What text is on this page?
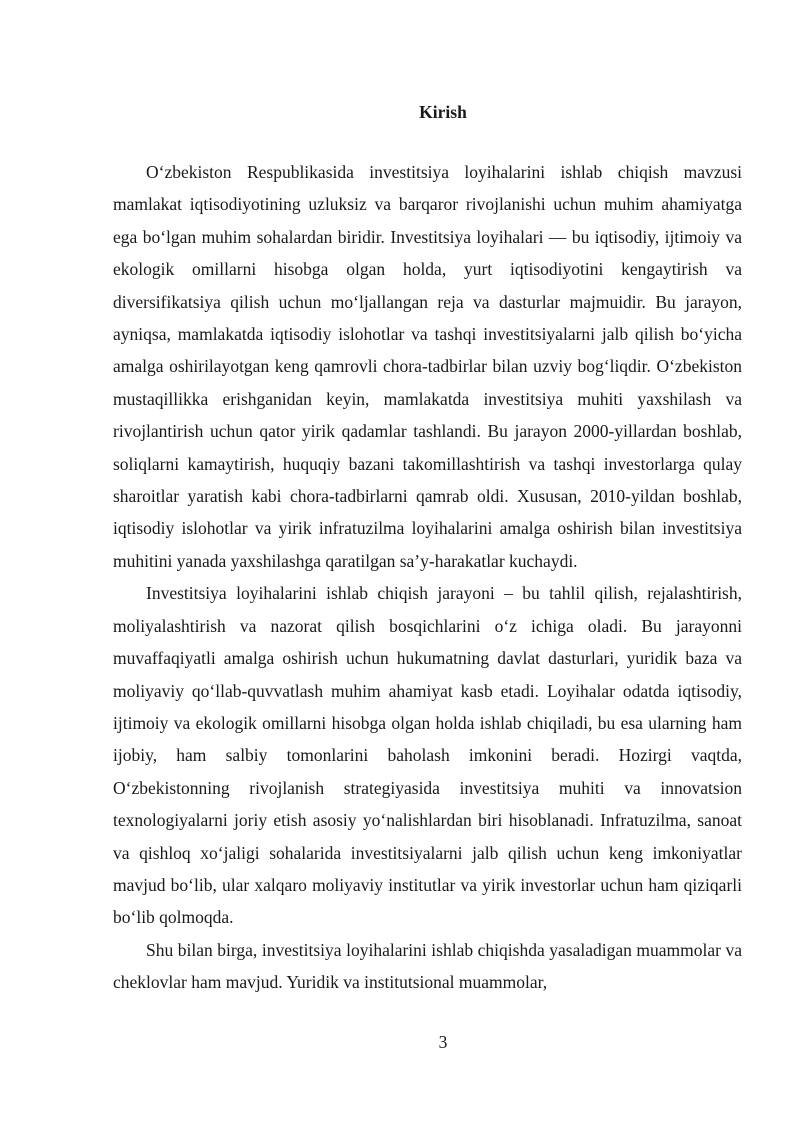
Kirish

O‘zbekiston Respublikasida investitsiya loyihalarini ishlab chiqish mavzusi mamlakat iqtisodiyotining uzluksiz va barqaror rivojlanishi uchun muhim ahamiyatga ega bo‘lgan muhim sohalardan biridir. Investitsiya loyihalari — bu iqtisodiy, ijtimoiy va ekologik omillarni hisobga olgan holda, yurt iqtisodiyotini kengaytirish va diversifikatsiya qilish uchun mo‘ljallangan reja va dasturlar majmuidir. Bu jarayon, ayniqsa, mamlakatda iqtisodiy islohotlar va tashqi investitsiyalarni jalb qilish bo‘yicha amalga oshirilayotgan keng qamrovli chora-tadbirlar bilan uzviy bog‘liqdir. O‘zbekiston mustaqillikka erishganidan keyin, mamlakatda investitsiya muhiti yaxshilash va rivojlantirish uchun qator yirik qadamlar tashlandi. Bu jarayon 2000-yillardan boshlab, soliqlarni kamaytirish, huquqiy bazani takomillashtirish va tashqi investorlarga qulay sharoitlar yaratish kabi chora-tadbirlarni qamrab oldi. Xususan, 2010-yildan boshlab, iqtisodiy islohotlar va yirik infratuzilma loyihalarini amalga oshirish bilan investitsiya muhitini yanada yaxshilashga qaratilgan sa’y-harakatlar kuchaydi.

Investitsiya loyihalarini ishlab chiqish jarayoni – bu tahlil qilish, rejalashtirish, moliyalashtirish va nazorat qilish bosqichlarini o‘z ichiga oladi. Bu jarayonni muvaffaqiyatli amalga oshirish uchun hukumatning davlat dasturlari, yuridik baza va moliyaviy qo‘llab-quvvatlash muhim ahamiyat kasb etadi. Loyihalar odatda iqtisodiy, ijtimoiy va ekologik omillarni hisobga olgan holda ishlab chiqiladi, bu esa ularning ham ijobiy, ham salbiy tomonlarini baholash imkonini beradi. Hozirgi vaqtda, O‘zbekistonning rivojlanish strategiyasida investitsiya muhiti va innovatsion texnologiyalarni joriy etish asosiy yo‘nalishlardan biri hisoblanadi. Infratuzilma, sanoat va qishloq xo‘jaligi sohalarida investitsiyalarni jalb qilish uchun keng imkoniyatlar mavjud bo‘lib, ular xalqaro moliyaviy institutlar va yirik investorlar uchun ham qiziqarli bo‘lib qolmoqda.

Shu bilan birga, investitsiya loyihalarini ishlab chiqishda yasaladigan muammolar va cheklovlar ham mavjud. Yuridik va institutsional muammolar,

3
